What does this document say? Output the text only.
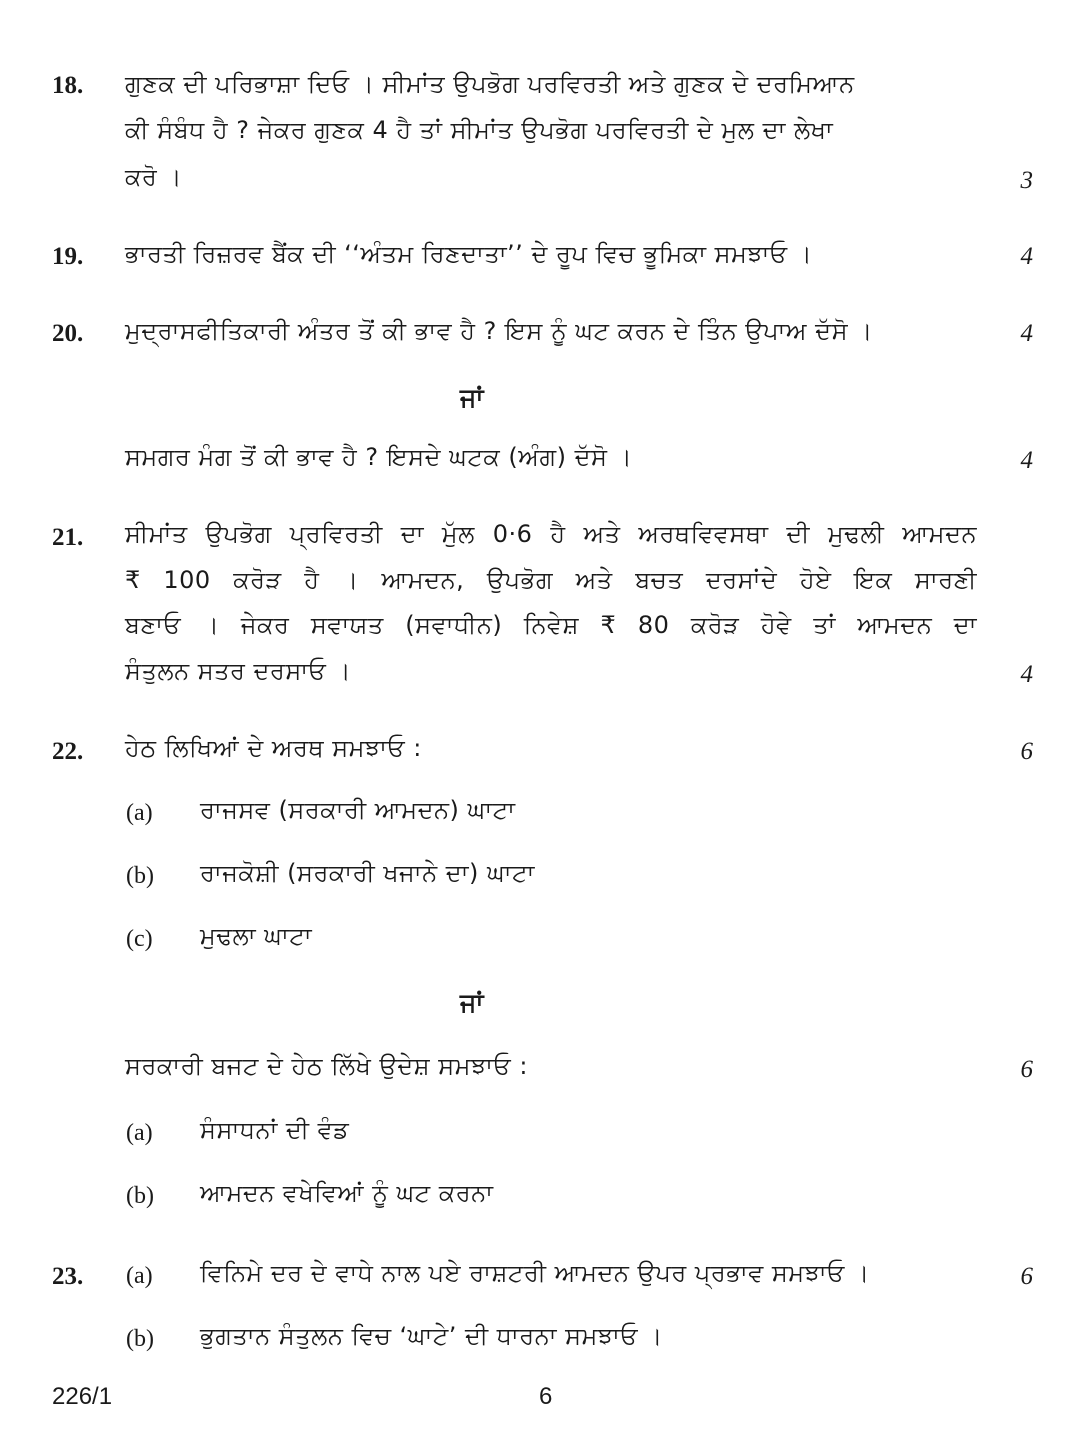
18. ਗੁਣਕ ਦੀ ਪਰਿਭਾਸ਼ਾ ਦਿਓ । ਸੀਮਾਂਤ ਉਪਭੋਗ ਪਰਵਿਰਤੀ ਅਤੇ ਗੁਣਕ ਦੇ ਦਰਮਿਆਨ
ਕੀ ਸੰਬੰਧ ਹੈ ? ਜੇਕਰ ਗੁਣਕ 4 ਹੈ ਤਾਂ ਸੀਮਾਂਤ ਉਪਭੋਗ ਪਰਵਿਰਤੀ ਦੇ ਮੁਲ ਦਾ ਲੇਖਾ
ਕਰੋ ।	3
19. ਭਾਰਤੀ ਰਿਜ਼ਰਵ ਬੈਂਕ ਦੀ ‘‘ਅੰਤਮ ਰਿਣਦਾਤਾ’’ ਦੇ ਰੂਪ ਵਿਚ ਭੂਮਿਕਾ ਸਮਝਾਓ ।	4
20. ਮੁਦ੍ਰਾਸਫੀਤਿਕਾਰੀ ਅੰਤਰ ਤੋਂ ਕੀ ਭਾਵ ਹੈ ? ਇਸ ਨੂੰ ਘਟ ਕਰਨ ਦੇ ਤਿੰਨ ਉਪਾਅ ਦੱਸੋ ।	4
ਜਾਂ
ਸਮਗਰ ਮੰਗ ਤੋਂ ਕੀ ਭਾਵ ਹੈ ? ਇਸਦੇ ਘਟਕ (ਅੰਗ) ਦੱਸੋ ।	4
21. ਸੀਮਾਂਤ ਉਪਭੋਗ ਪ੍ਰਵਿਰਤੀ ਦਾ ਮੁੱਲ 0·6 ਹੈ ਅਤੇ ਅਰਥਵਿਵਸਥਾ ਦੀ ਮੁਢਲੀ ਆਮਦਨ
₹ 100 ਕਰੋੜ ਹੈ । ਆਮਦਨ, ਉਪਭੋਗ ਅਤੇ ਬਚਤ ਦਰਸਾਂਦੇ ਹੋਏ ਇਕ ਸਾਰਣੀ
ਬਣਾਓ । ਜੇਕਰ ਸਵਾਯਤ (ਸਵਾਧੀਨ) ਨਿਵੇਸ਼ ₹ 80 ਕਰੋੜ ਹੋਵੇ ਤਾਂ ਆਮਦਨ ਦਾ
ਸੰਤੁਲਨ ਸਤਰ ਦਰਸਾਓ ।	4
22. ਹੇਠ ਲਿਖਿਆਂ ਦੇ ਅਰਥ ਸਮਝਾਓ :	6
(a) ਰਾਜਸਵ (ਸਰਕਾਰੀ ਆਮਦਨ) ਘਾਟਾ
(b) ਰਾਜਕੋਸ਼ੀ (ਸਰਕਾਰੀ ਖਜਾਨੇ ਦਾ) ਘਾਟਾ
(c) ਮੁਢਲਾ ਘਾਟਾ
ਜਾਂ
ਸਰਕਾਰੀ ਬਜਟ ਦੇ ਹੇਠ ਲਿੱਖੇ ਉਦੇਸ਼ ਸਮਝਾਓ :	6
(a) ਸੰਸਾਧਨਾਂ ਦੀ ਵੰਡ
(b) ਆਮਦਨ ਵਖੇਵਿਆਂ ਨੂੰ ਘਟ ਕਰਨਾ
23. (a) ਵਿਨਿਮੇ ਦਰ ਦੇ ਵਾਧੇ ਨਾਲ ਪਏ ਰਾਸ਼ਟਰੀ ਆਮਦਨ ਉਪਰ ਪ੍ਰਭਾਵ ਸਮਝਾਓ ।	6
(b) ਭੁਗਤਾਨ ਸੰਤੁਲਨ ਵਿਚ ‘ਘਾਟੇ’ ਦੀ ਧਾਰਨਾ ਸਮਝਾਓ ।
226/1	6
